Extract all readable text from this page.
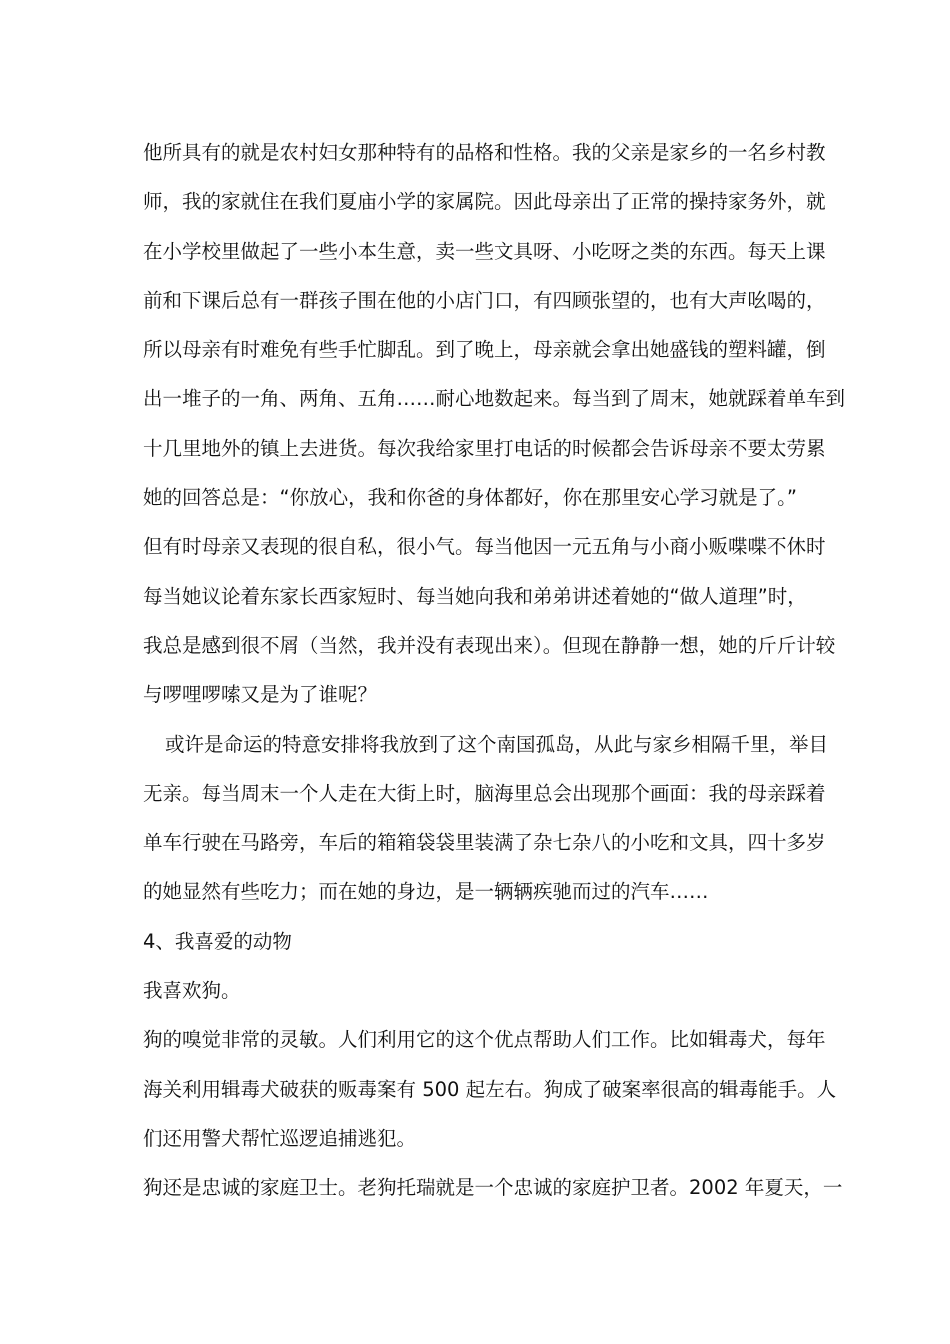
他所具有的就是农村妇女那种特有的品格和性格。我的父亲是家乡的一名乡村教
师，我的家就住在我们夏庙小学的家属院。因此母亲出了正常的操持家务外，就
在小学校里做起了一些小本生意，卖一些文具呀、小吃呀之类的东西。每天上课
前和下课后总有一群孩子围在他的小店门口，有四顾张望的，也有大声吆喝的，
所以母亲有时难免有些手忙脚乱。到了晚上，母亲就会拿出她盛钱的塑料罐，倒
出一堆子的一角、两角、五角……耐心地数起来。每当到了周末，她就踩着单车到
十几里地外的镇上去进货。每次我给家里打电话的时候都会告诉母亲不要太劳累
她的回答总是：“你放心，我和你爸的身体都好，你在那里安心学习就是了。”
但有时母亲又表现的很自私，很小气。每当他因一元五角与小商小贩喋喋不休时
每当她议论着东家长西家短时、每当她向我和弟弟讲述着她的“做人道理”时，
我总是感到很不屑（当然，我并没有表现出来）。但现在静静一想，她的斤斤计较
与啰哩啰嗦又是为了谁呢？
或许是命运的特意安排将我放到了这个南国孤岛，从此与家乡相隔千里，举目
无亲。每当周末一个人走在大街上时，脑海里总会出现那个画面：我的母亲踩着
单车行驶在马路旁，车后的箱箱袋袋里装满了杂七杂八的小吃和文具，四十多岁
的她显然有些吃力；而在她的身边，是一辆辆疾驰而过的汽车……
4、我喜爱的动物
我喜欢狗。
狗的嗅觉非常的灵敏。人们利用它的这个优点帮助人们工作。比如辑毒犬，每年
海关利用辑毒犬破获的贩毒案有 500 起左右。狗成了破案率很高的辑毒能手。人
们还用警犬帮忙巡逻追捕逃犯。
狗还是忠诚的家庭卫士。老狗托瑞就是一个忠诚的家庭护卫者。2002 年夏天，一
